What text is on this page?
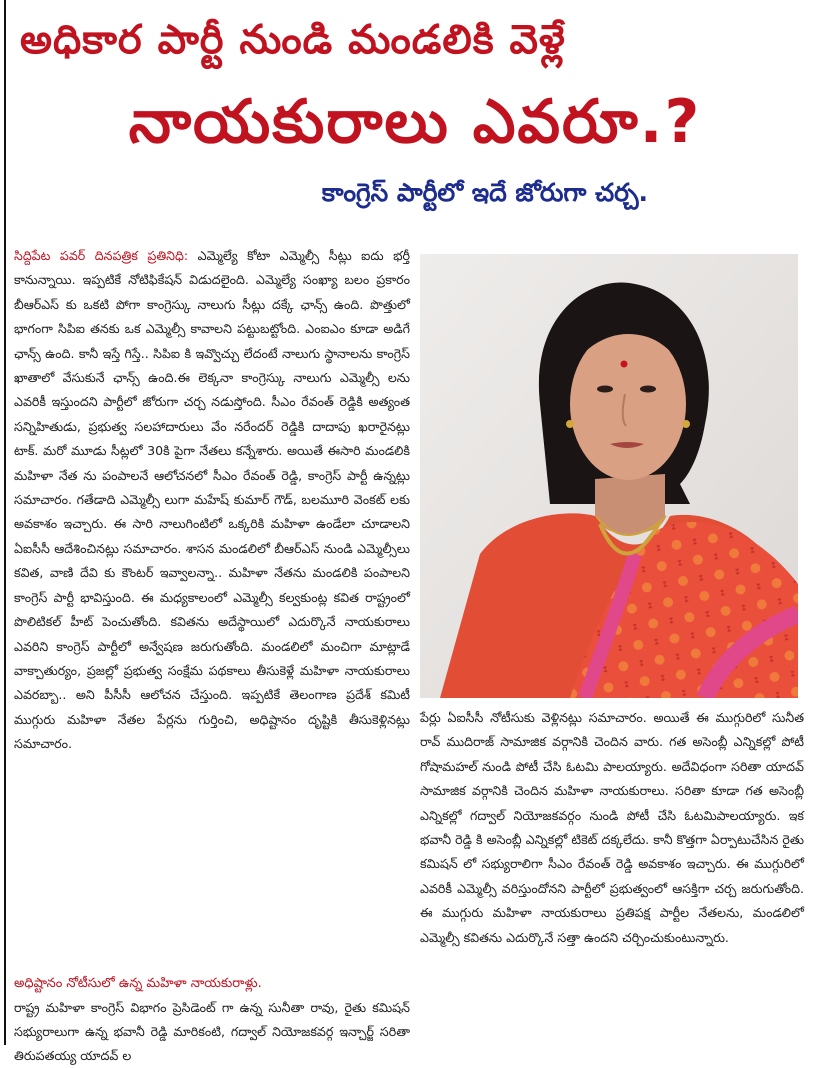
అధికార పార్టీ నుండి మండలికి వెళ్లే
నాయకురాలు ఎవరూ.?
కాంగ్రెస్ పార్టీలో ఇదే జోరుగా చర్చ.

సిద్దిపేట పవర్ దినపత్రిక ప్రతినిధి: ఎమ్మెల్యే కోటా ఎమ్మెల్సీ సీట్లు ఐదు భర్తీ కానున్నాయి. ఇప్పటికే నోటిఫికేషన్ విడుదలైంది. ఎమ్మెల్యే సంఖ్యా బలం ప్రకారం బీఆర్ఎస్ కు ఒకటి పోగా కాంగ్రెస్కు నాలుగు సీట్లు దక్కే ఛాన్స్ ఉంది. పొత్తులో భాగంగా సిపిఐ తనకు ఒక ఎమ్మెల్సీ కావాలని పట్టుబట్టోంది. ఎంఐఎం కూడా అడిగే ఛాన్స్ ఉంది. కానీ ఇస్తే గిస్తే.. సిపిఐ కి ఇవ్వొచ్చు లేదంటే నాలుగు స్థానాలను కాంగ్రెస్ ఖాతాలో వేసుకునే ఛాన్స్ ఉంది.ఈ లెక్కనా కాంగ్రెస్కు నాలుగు ఎమ్మెల్సీ లను ఎవరికీ ఇస్తుందని పార్టీలో జోరుగా చర్చ నడుస్తోంది. సీఎం రేవంత్ రెడ్డికి అత్యంత సన్నిహితుడు, ప్రభుత్వ సలహాదారులు వేం నరేందర్ రెడ్డికి దాదాపు ఖరారైనట్లు టాక్. మరో మూడు సీట్లలో 30కి పైగా నేతలు కన్నేశారు. అయితే ఈసారి మండలికి మహిళా నేత ను పంపాలనే ఆలోచనలో సీఎం రేవంత్ రెడ్డి, కాంగ్రెస్ పార్టీ ఉన్నట్లు సమాచారం. గతేడాది ఎమ్మెల్సీ లుగా మహేష్ కుమార్ గౌడ్, బలమూరి వెంకట్ లకు అవకాశం ఇచ్చారు. ఈ సారి నాలుగింటిలో ఒక్కరికి మహిళా ఉండేలా చూడాలని ఏఐసీసీ ఆదేశించినట్లు సమాచారం. శాసన మండలిలో బీఆర్ఎస్ నుండి ఎమ్మెల్సీలు కవిత, వాణి దేవి కు కౌంటర్ ఇవ్వాలన్నా.. మహిళా నేతను మండలికి పంపాలని కాంగ్రెస్ పార్టీ భావిస్తుంది. ఈ మధ్యకాలంలో ఎమ్మెల్సీ కల్వకుంట్ల కవిత రాష్ట్రంలో పొలిటికల్ హీట్ పెంచుతోంది. కవితను అదేస్థాయిలో ఎదుర్కొనే నాయకురాలు ఎవరిని కాంగ్రెస్ పార్టీలో అన్వేషణ జరుగుతోంది. మండలిలో మంచిగా మాట్లాడే వాక్చాతుర్యం, ప్రజల్లో ప్రభుత్వ సంక్షేమ పథకాలు తీసుకెళ్లే మహిళా నాయకురాలు ఎవరబ్బా.. అని పీసీసీ ఆలోచన చేస్తుంది. ఇప్పటికే తెలంగాణ ప్రదేశ్ కమిటీ ముగ్గురు మహిళా నేతల పేర్లను గుర్తించి, అధిష్టానం దృష్టికి తీసుకెళ్లినట్లు సమాచారం.

అధిష్టానం నోటీసులో ఉన్న మహిళా నాయకురాళ్లు.
రాష్ట్ర మహిళా కాంగ్రెస్ విభాగం ప్రెసిడెంట్ గా ఉన్న సునీతా రావు, రైతు కమిషన్ సభ్యురాలుగా ఉన్న భవానీ రెడ్డి మారికంటి, గద్వాల్ నియోజకవర్గ ఇన్చార్జ్ సరితా తిరుపతయ్య యాదవ్ ల
పేర్లు ఏఐసీసీ నోటీసుకు వెళ్లినట్లు సమాచారం. అయితే ఈ ముగ్గురిలో సునీత రావ్ ముదిరాజ్ సామాజిక వర్గానికి చెందిన వారు. గత అసెంబ్లీ ఎన్నికల్లో పోటీ గోషామహల్ నుండి పోటీ చేసి ఓటమి పాలయ్యారు. అదేవిధంగా సరితా యాదవ్ సామాజిక వర్గానికి చెందిన మహిళా నాయకురాలు. సరితా కూడా గత అసెంబ్లీ ఎన్నికల్లో గద్వాల్ నియోజకవర్గం నుండి పోటీ చేసి ఓటమిపాలయ్యారు. ఇక భవానీ రెడ్డి కి అసెంబ్లీ ఎన్నికల్లో టికెట్ దక్కలేదు. కానీ కొత్తగా ఏర్పాటుచేసిన రైతు కమిషన్ లో సభ్యురాలిగా సీఎం రేవంత్ రెడ్డి అవకాశం ఇచ్చారు. ఈ ముగ్గురిలో ఎవరికీ ఎమ్మెల్సీ వరిస్తుందోనని పార్టీలో ప్రభుత్వంలో ఆసక్తిగా చర్చ జరుగుతోంది. ఈ ముగ్గురు మహిళా నాయకురాలు ప్రతిపక్ష పార్టీల నేతలను, మండలిలో ఎమ్మెల్సీ కవితను ఎదుర్కొనే సత్తా ఉందని చర్చించుకుంటున్నారు.
